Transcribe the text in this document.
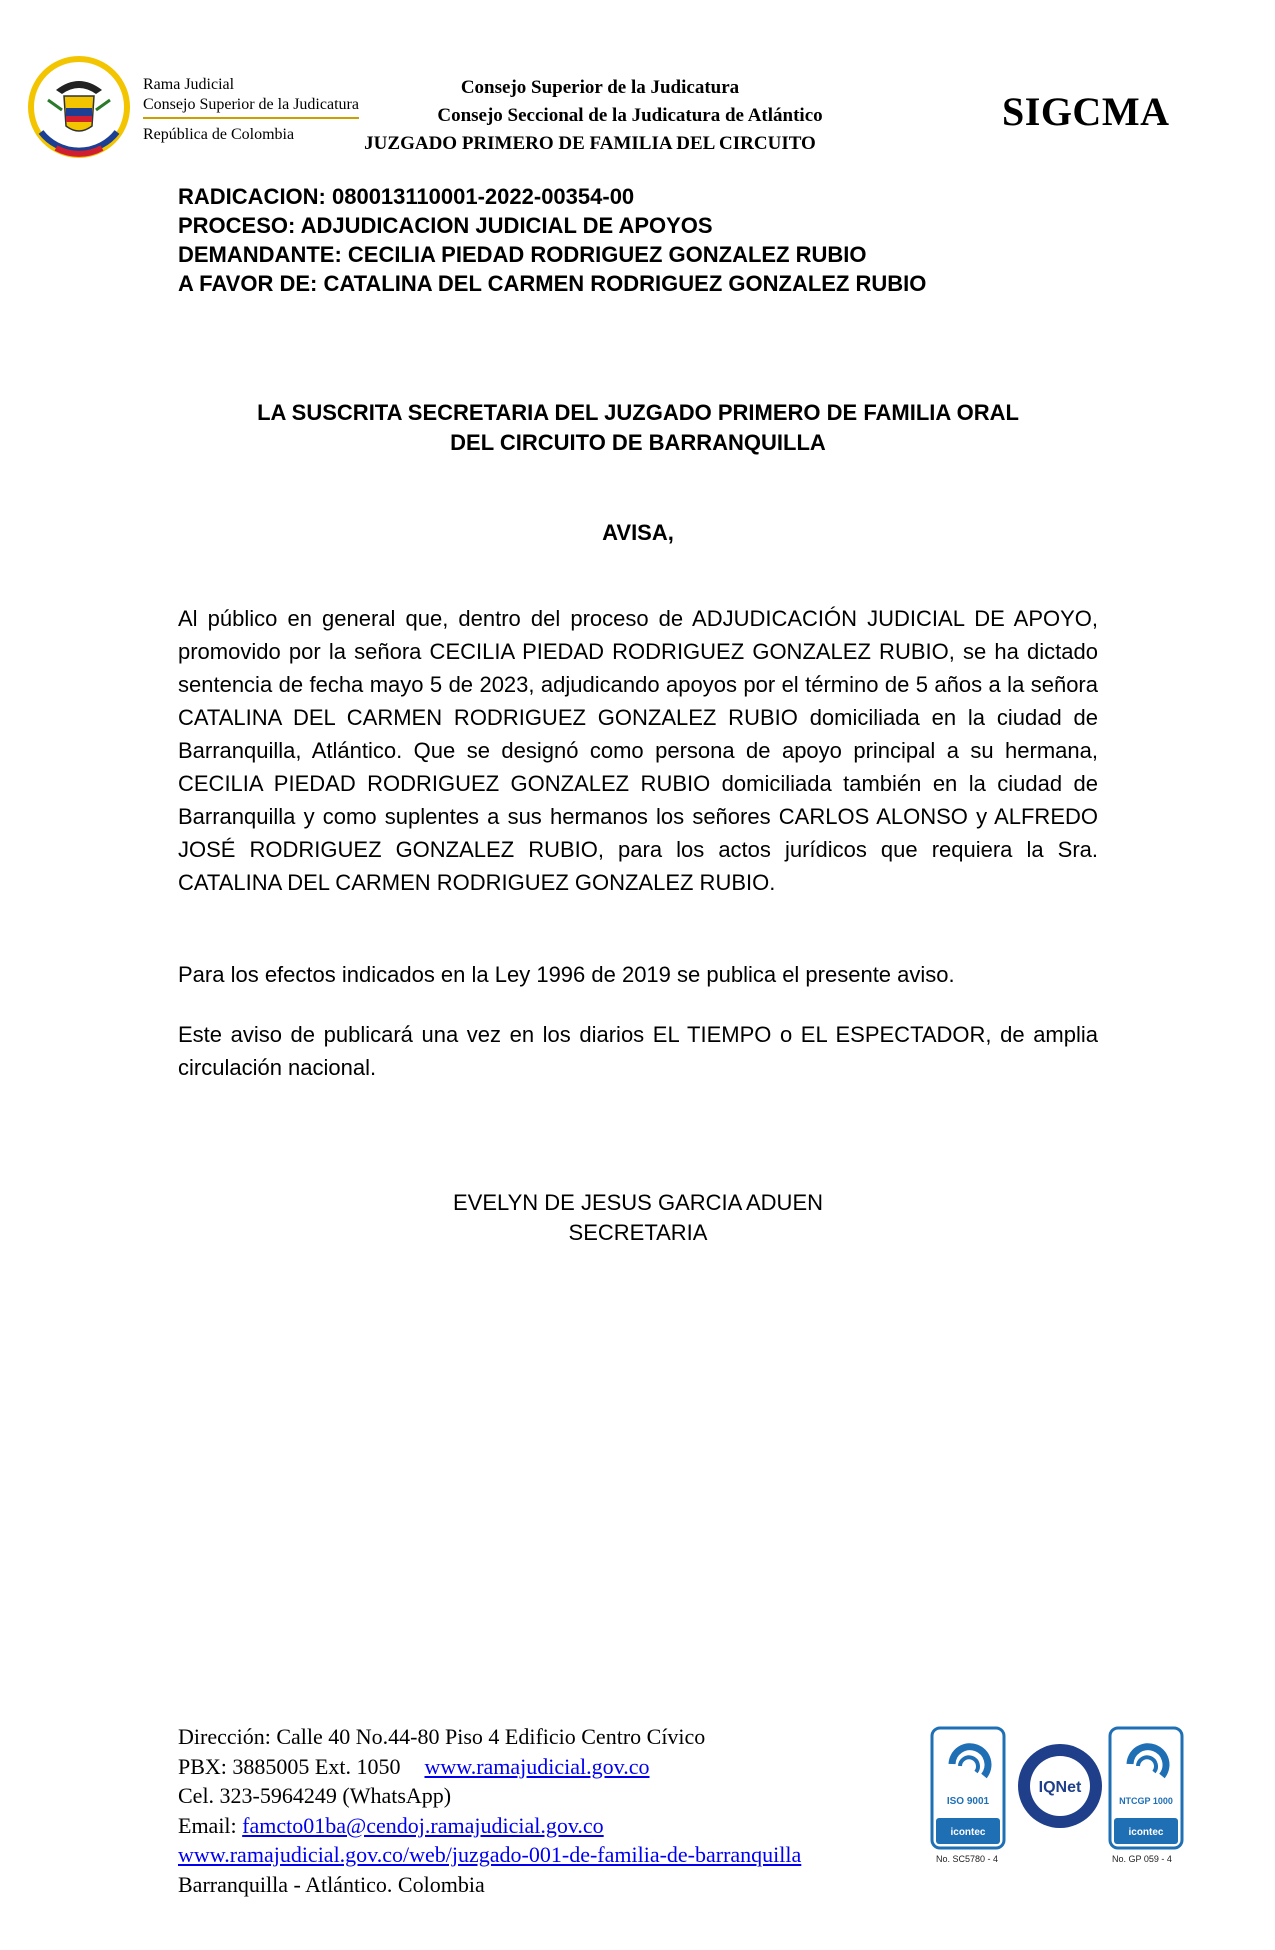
Rama Judicial
Consejo Superior de la Judicatura
República de Colombia
Consejo Superior de la Judicatura
Consejo Seccional de la Judicatura de Atlántico
JUZGADO PRIMERO DE FAMILIA DEL CIRCUITO
SIGCMA
RADICACION: 080013110001-2022-00354-00
PROCESO: ADJUDICACION JUDICIAL DE APOYOS
DEMANDANTE: CECILIA PIEDAD RODRIGUEZ GONZALEZ RUBIO
A FAVOR DE: CATALINA DEL CARMEN RODRIGUEZ GONZALEZ RUBIO
LA SUSCRITA SECRETARIA DEL JUZGADO PRIMERO DE FAMILIA ORAL
DEL CIRCUITO DE BARRANQUILLA
AVISA,
Al público en general que, dentro del proceso de ADJUDICACIÓN JUDICIAL DE APOYO, promovido por la señora CECILIA PIEDAD RODRIGUEZ GONZALEZ RUBIO, se ha dictado sentencia de fecha mayo 5 de 2023, adjudicando apoyos por el término de 5 años a la señora CATALINA DEL CARMEN RODRIGUEZ GONZALEZ RUBIO domiciliada en la ciudad de Barranquilla, Atlántico. Que se designó como persona de apoyo principal a su hermana, CECILIA PIEDAD RODRIGUEZ GONZALEZ RUBIO domiciliada también en la ciudad de Barranquilla y como suplentes a sus hermanos los señores CARLOS ALONSO y ALFREDO JOSÉ RODRIGUEZ GONZALEZ RUBIO, para los actos jurídicos que requiera la Sra. CATALINA DEL CARMEN RODRIGUEZ GONZALEZ RUBIO.
Para los efectos indicados en la Ley 1996 de 2019 se publica el presente aviso.
Este aviso de publicará una vez en los diarios EL TIEMPO o EL ESPECTADOR, de amplia circulación nacional.
EVELYN DE JESUS GARCIA ADUEN
SECRETARIA
Dirección: Calle 40 No.44-80 Piso 4 Edificio Centro Cívico
PBX: 3885005 Ext. 1050 www.ramajudicial.gov.co
Cel. 323-5964249 (WhatsApp)
Email: famcto01ba@cendoj.ramajudicial.gov.co
www.ramajudicial.gov.co/web/juzgado-001-de-familia-de-barranquilla
Barranquilla - Atlántico. Colombia
ISO 9001
icontec
No. SC5780 - 4
IQNet
NTCGP 1000
icontec
No. GP 059 - 4
